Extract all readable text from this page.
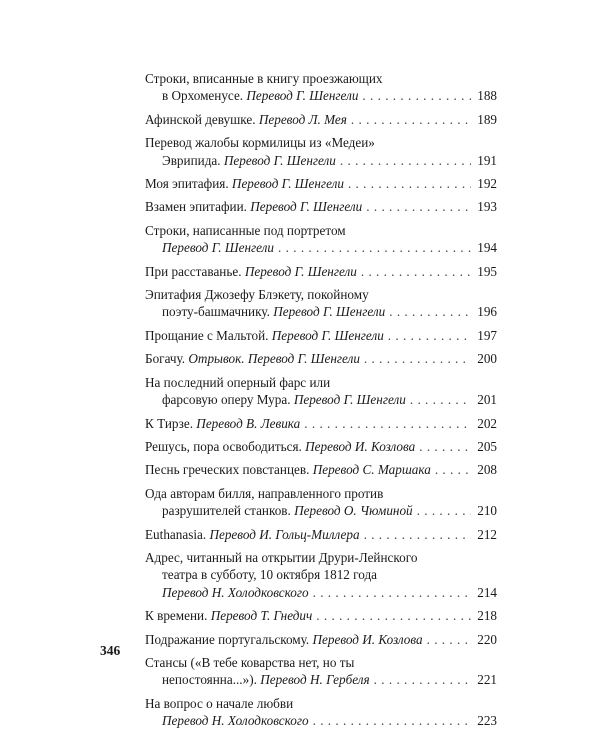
Строки, вписанные в книгу проезжающих
в Орхоменусе. Перевод Г. Шенгели . . .	188
Афинской девушке. Перевод Л. Мея . . .	189
Перевод жалобы кормилицы из «Медеи»
Эврипида. Перевод Г. Шенгели . . .	191
Моя эпитафия. Перевод Г. Шенгели . . .	192
Взамен эпитафии. Перевод Г. Шенгели . . .	193
Строки, написанные под портретом
Перевод Г. Шенгели . . .	194
При расставанье. Перевод Г. Шенгели . . .	195
Эпитафия Джозефу Блэкету, покойному
поэту-башмачнику. Перевод Г. Шенгели . . .	196
Прощание с Мальтой. Перевод Г. Шенгели . . .	197
Богачу. Отрывок. Перевод Г. Шенгели . . .	200
На последний оперный фарс или
фарсовую оперу Мура. Перевод Г. Шенгели . . .	201
К Тирзе. Перевод В. Левика . . .	202
Решусь, пора освободиться. Перевод И. Козлова . . .	205
Песнь греческих повстанцев. Перевод С. Маршака . . .	208
Ода авторам билля, направленного против
разрушителей станков. Перевод О. Чюминой . . .	210
Euthanasia. Перевод И. Гольц-Миллера . . .	212
Адрес, читанный на открытии Друри-Лейнского
театра в субботу, 10 октября 1812 года
Перевод Н. Холодковского . . .	214
К времени. Перевод Т. Гнедич . . .	218
Подражание португальскому. Перевод И. Козлова . . .	220
Стансы («В тебе коварства нет, но ты
непостоянна...»). Перевод Н. Гербеля . . .	221
На вопрос о начале любви
Перевод Н. Холодковского . . .	223
346
